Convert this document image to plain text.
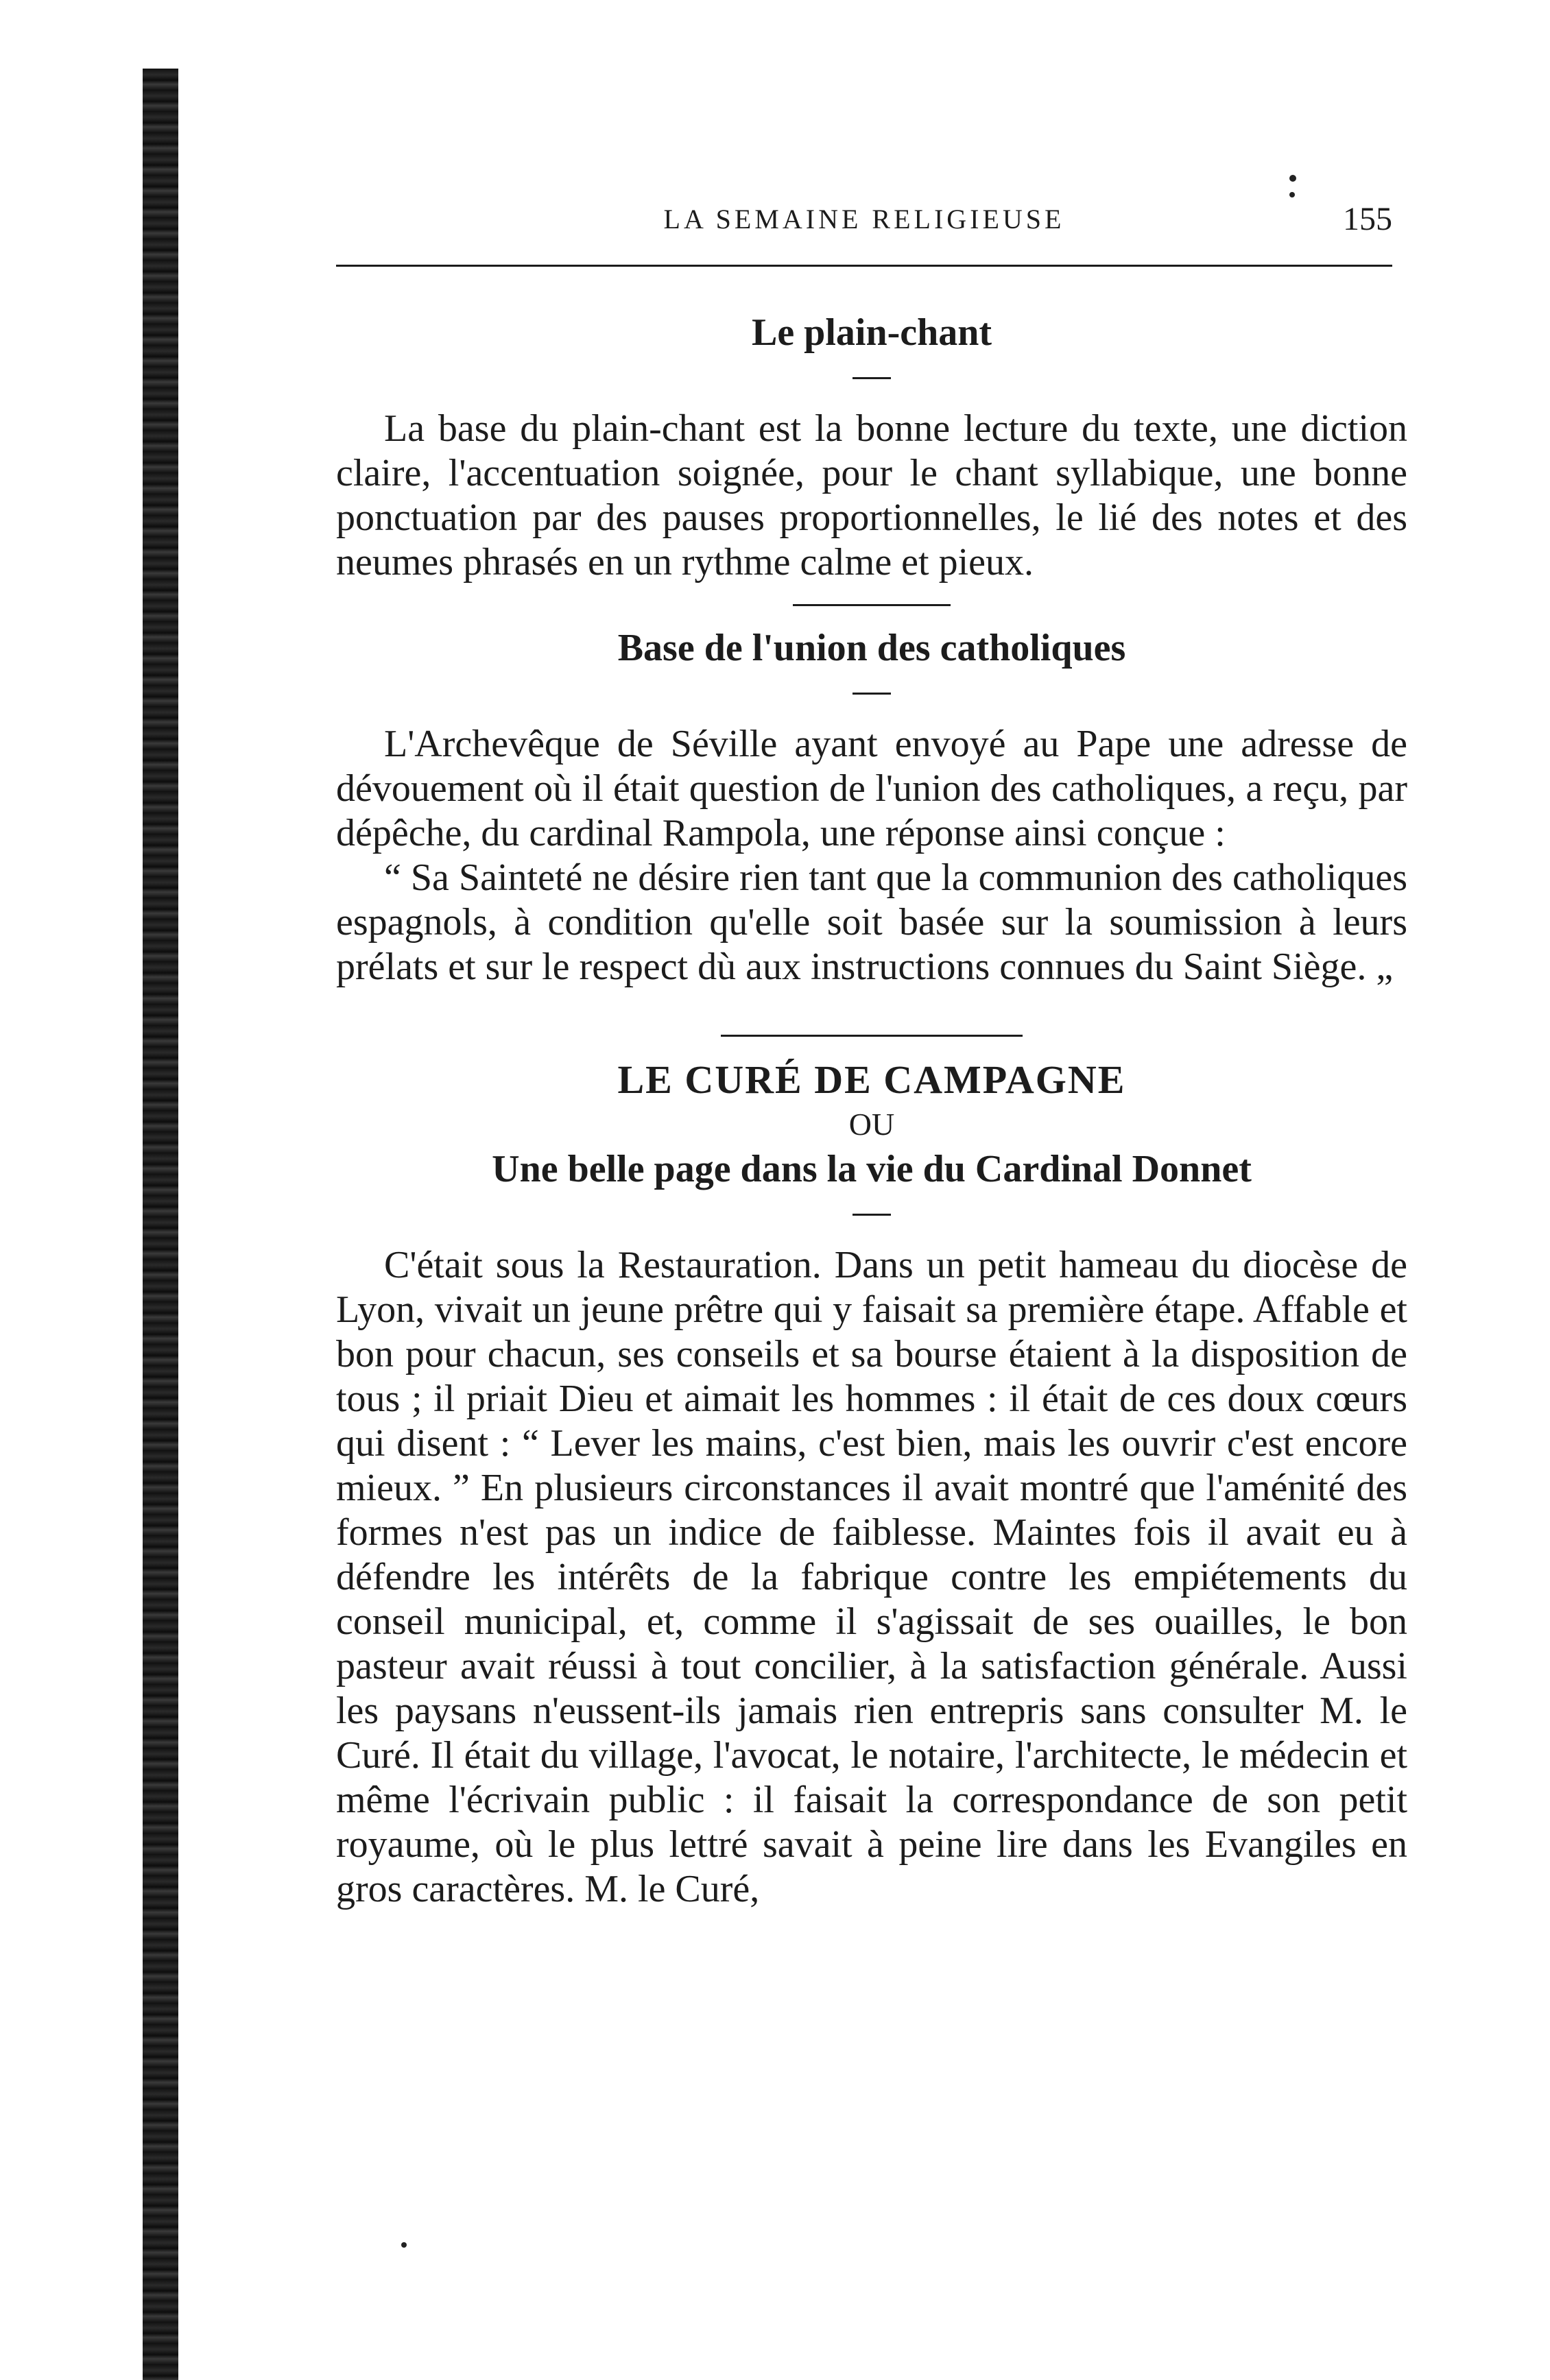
LA SEMAINE RELIGIEUSE	155
Le plain-chant

La base du plain-chant est la bonne lecture du texte, une diction claire, l'accentuation soignée, pour le chant syllabique, une bonne ponctuation par des pauses proportionnelles, le lié des notes et des neumes phrasés en un rythme calme et pieux.

Base de l'union des catholiques

L'Archevêque de Séville ayant envoyé au Pape une adresse de dévouement où il était question de l'union des catholiques, a reçu, par dépêche, du cardinal Rampola, une réponse ainsi conçue :

“ Sa Sainteté ne désire rien tant que la communion des catholiques espagnols, à condition qu'elle soit basée sur la soumission à leurs prélats et sur le respect dù aux instructions connues du Saint Siège. „

LE CURÉ DE CAMPAGNE

OU

Une belle page dans la vie du Cardinal Donnet

C'était sous la Restauration. Dans un petit hameau du diocèse de Lyon, vivait un jeune prêtre qui y faisait sa première étape. Affable et bon pour chacun, ses conseils et sa bourse étaient à la disposition de tous ; il priait Dieu et aimait les hommes : il était de ces doux cœurs qui disent : “ Lever les mains, c'est bien, mais les ouvrir c'est encore mieux. ” En plusieurs circonstances il avait montré que l'aménité des formes n'est pas un indice de faiblesse. Maintes fois il avait eu à défendre les intérêts de la fabrique contre les empiétements du conseil municipal, et, comme il s'agissait de ses ouailles, le bon pasteur avait réussi à tout concilier, à la satisfaction générale. Aussi les paysans n'eussent-ils jamais rien entrepris sans consulter M. le Curé. Il était du village, l'avocat, le notaire, l'architecte, le médecin et même l'écrivain public : il faisait la correspondance de son petit royaume, où le plus lettré savait à peine lire dans les Evangiles en gros caractères. M. le Curé,
